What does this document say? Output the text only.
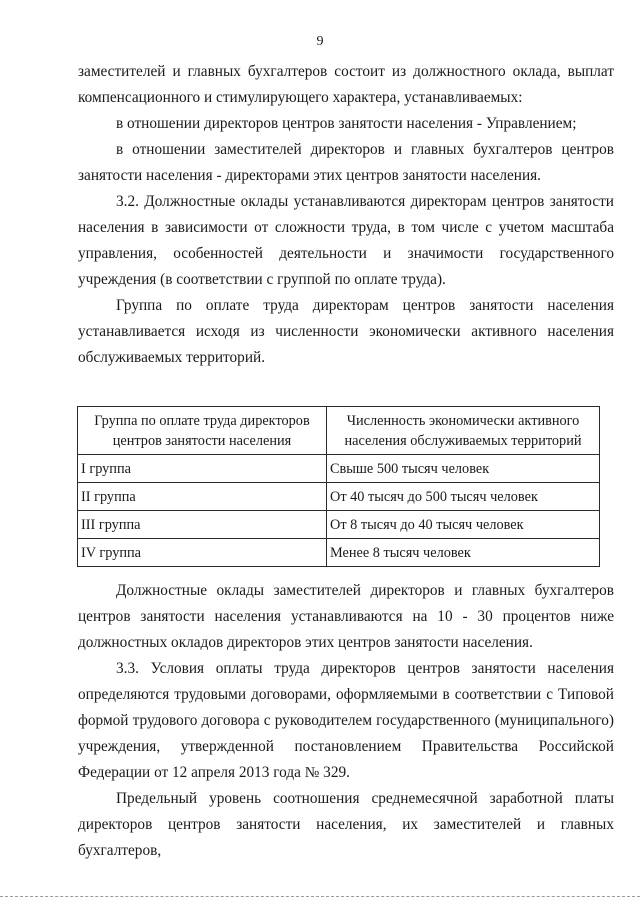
9

заместителей и главных бухгалтеров состоит из должностного оклада, выплат компенсационного и стимулирующего характера, устанавливаемых:

в отношении директоров центров занятости населения - Управлением;

в отношении заместителей директоров и главных бухгалтеров центров занятости населения - директорами этих центров занятости населения.

3.2. Должностные оклады устанавливаются директорам центров занятости населения в зависимости от сложности труда, в том числе с учетом масштаба управления, особенностей деятельности и значимости государственного учреждения (в соответствии с группой по оплате труда).

Группа по оплате труда директорам центров занятости населения устанавливается исходя из численности экономически активного населения обслуживаемых территорий.

Группа по оплате труда директоров центров занятости населения	Численность экономически активного населения обслуживаемых территорий
I группа	Свыше 500 тысяч человек
II группа	От 40 тысяч до 500 тысяч человек
III группа	От 8 тысяч до 40 тысяч человек
IV группа	Менее 8 тысяч человек

Должностные оклады заместителей директоров и главных бухгалтеров центров занятости населения устанавливаются на 10 - 30 процентов ниже должностных окладов директоров этих центров занятости населения.

3.3. Условия оплаты труда директоров центров занятости населения определяются трудовыми договорами, оформляемыми в соответствии с Типовой формой трудового договора с руководителем государственного (муниципального) учреждения, утвержденной постановлением Правительства Российской Федерации от 12 апреля 2013 года № 329.

Предельный уровень соотношения среднемесячной заработной платы директоров центров занятости населения, их заместителей и главных бухгалтеров,
